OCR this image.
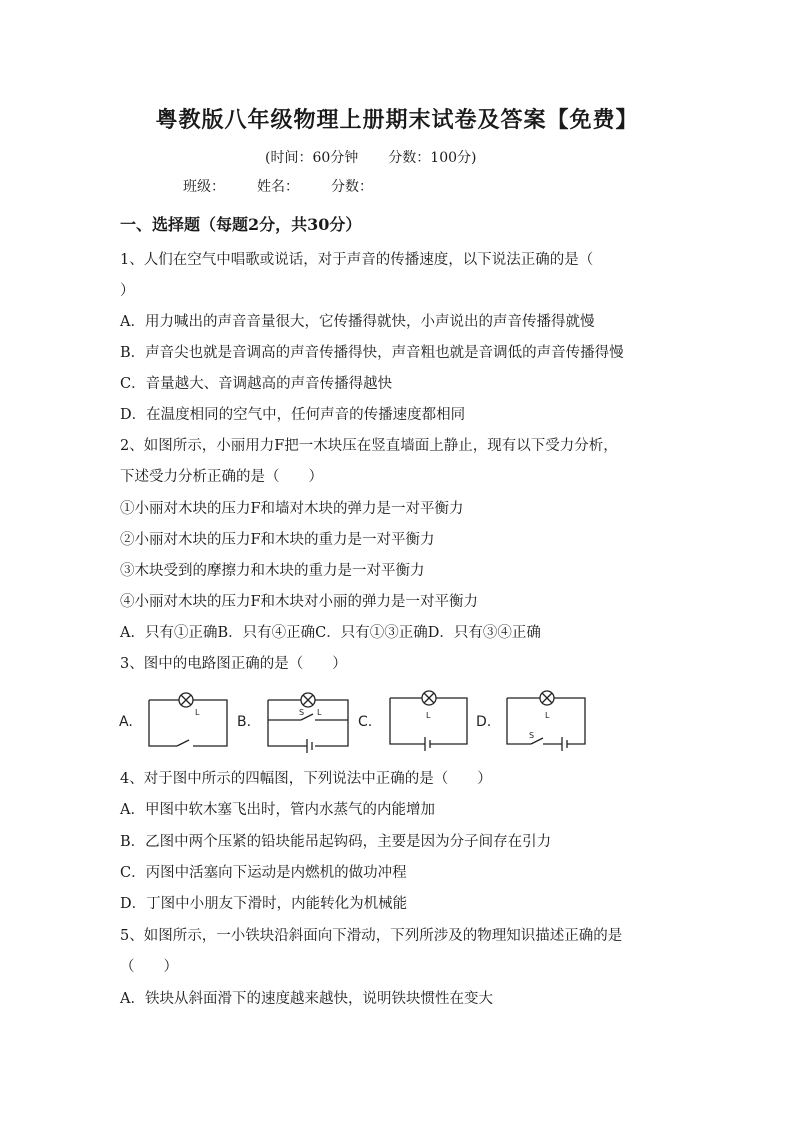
粤教版八年级物理上册期末试卷及答案【免费】
(时间：60分钟 分数：100分)
班级： 姓名： 分数：
一、选择题（每题2分，共30分）
1、人们在空气中唱歌或说话，对于声音的传播速度，以下说法正确的是（
）
A．用力喊出的声音音量很大，它传播得就快，小声说出的声音传播得就慢
B．声音尖也就是音调高的声音传播得快，声音粗也就是音调低的声音传播得慢
C．音量越大、音调越高的声音传播得越快
D．在温度相同的空气中，任何声音的传播速度都相同
2、如图所示，小丽用力F把一木块压在竖直墙面上静止，现有以下受力分析，
下述受力分析正确的是（　　）
①小丽对木块的压力F和墙对木块的弹力是一对平衡力
②小丽对木块的压力F和木块的重力是一对平衡力
③木块受到的摩擦力和木块的重力是一对平衡力
④小丽对木块的压力F和木块对小丽的弹力是一对平衡力
A．只有①正确B．只有④正确C．只有①③正确D．只有③④正确
3、图中的电路图正确的是（　　）
A.	B.	C.	D.
L	L
S	L	L
S
4、对于图中所示的四幅图，下列说法中正确的是（　　）
A．甲图中软木塞飞出时，管内水蒸气的内能增加
B．乙图中两个压紧的铅块能吊起钩码，主要是因为分子间存在引力
C．丙图中活塞向下运动是内燃机的做功冲程
D．丁图中小朋友下滑时，内能转化为机械能
5、如图所示，一小铁块沿斜面向下滑动，下列所涉及的物理知识描述正确的是
（　　）
A．铁块从斜面滑下的速度越来越快，说明铁块惯性在变大
